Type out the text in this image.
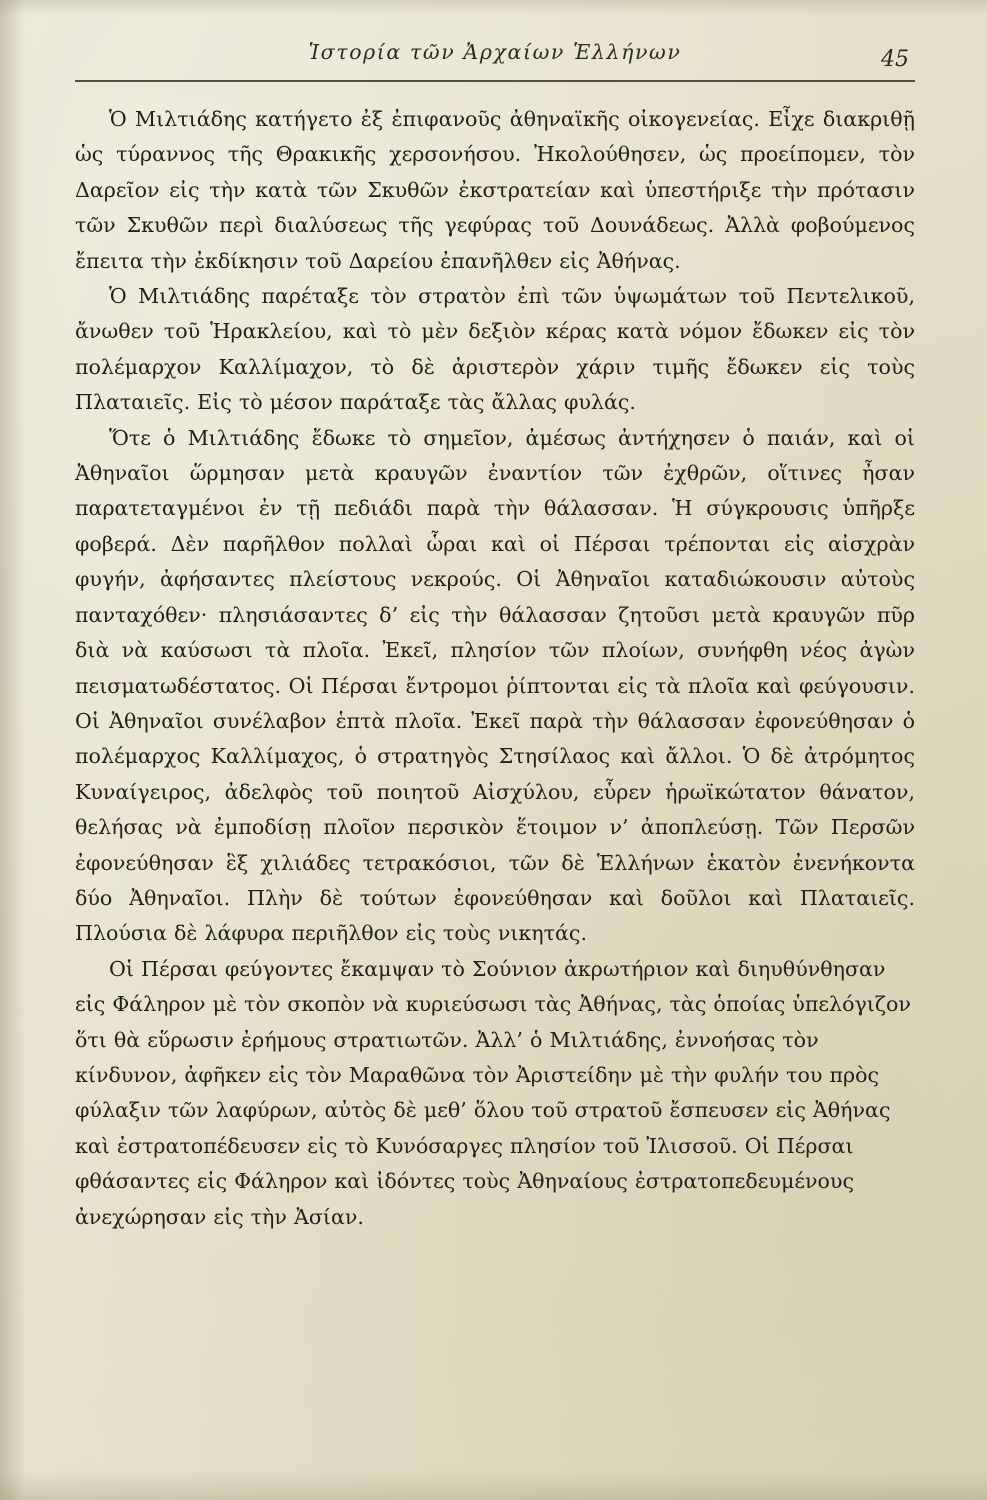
Ἱστορία τῶν Ἀρχαίων Ἑλλήνων	45

Ὁ Μιλτιάδης κατήγετο ἐξ ἐπιφανοῦς ἀθηναϊκῆς οἰκογενείας. Εἶχε διακριθῇ ὡς τύραννος τῆς Θρακικῆς χερσονήσου. Ἠκολούθησεν, ὡς προείπομεν, τὸν Δαρεῖον εἰς τὴν κατὰ τῶν Σκυθῶν ἐκστρατείαν καὶ ὑπεστήριξε τὴν πρότασιν τῶν Σκυθῶν περὶ διαλύσεως τῆς γεφύρας τοῦ Δουνάδεως. Ἀλλὰ φοβούμενος ἔπειτα τὴν ἐκδίκησιν τοῦ Δαρείου ἐπανῆλθεν εἰς Ἀθήνας.

Ὁ Μιλτιάδης παρέταξε τὸν στρατὸν ἐπὶ τῶν ὑψωμάτων τοῦ Πεντελικοῦ, ἄνωθεν τοῦ Ἡρακλείου, καὶ τὸ μὲν δεξιὸν κέρας κατὰ νόμον ἔδωκεν εἰς τὸν πολέμαρχον Καλλίμαχον, τὸ δὲ ἀριστερὸν χάριν τιμῆς ἔδωκεν εἰς τοὺς Πλαταιεῖς. Εἰς τὸ μέσον παράταξε τὰς ἄλλας φυλάς.

Ὅτε ὁ Μιλτιάδης ἔδωκε τὸ σημεῖον, ἀμέσως ἀντήχησεν ὁ παιάν, καὶ οἱ Ἀθηναῖοι ὥρμησαν μετὰ κραυγῶν ἐναντίον τῶν ἐχθρῶν, οἵτινες ἦσαν παρατεταγμένοι ἐν τῇ πεδιάδι παρὰ τὴν θάλασσαν. Ἡ σύγκρουσις ὑπῆρξε φοβερά. Δὲν παρῆλθον πολλαὶ ὧραι καὶ οἱ Πέρσαι τρέπονται εἰς αἰσχρὰν φυγήν, ἀφήσαντες πλείστους νεκρούς. Οἱ Ἀθηναῖοι καταδιώκουσιν αὐτοὺς πανταχόθεν· πλησιάσαντες δ’ εἰς τὴν θάλασσαν ζητοῦσι μετὰ κραυγῶν πῦρ διὰ νὰ καύσωσι τὰ πλοῖα. Ἐκεῖ, πλησίον τῶν πλοίων, συνήφθη νέος ἀγὼν πεισματωδέστατος. Οἱ Πέρσαι ἔντρομοι ῥίπτονται εἰς τὰ πλοῖα καὶ φεύγουσιν. Οἱ Ἀθηναῖοι συνέλαβον ἑπτὰ πλοῖα. Ἐκεῖ παρὰ τὴν θάλασσαν ἐφονεύθησαν ὁ πολέμαρχος Καλλίμαχος, ὁ στρατηγὸς Στησίλαος καὶ ἄλλοι. Ὁ δὲ ἀτρόμητος Κυναίγειρος, ἀδελφὸς τοῦ ποιητοῦ Αἰσχύλου, εὗρεν ἡρωϊκώτατον θάνατον, θελήσας νὰ ἐμποδίσῃ πλοῖον περσικὸν ἕτοιμον ν’ ἀποπλεύσῃ. Τῶν Περσῶν ἐφονεύθησαν ἓξ χιλιάδες τετρακόσιοι, τῶν δὲ Ἑλλήνων ἑκατὸν ἐνενήκοντα δύο Ἀθηναῖοι. Πλὴν δὲ τούτων ἐφονεύθησαν καὶ δοῦλοι καὶ Πλαταιεῖς. Πλούσια δὲ λάφυρα περιῆλθον εἰς τοὺς νικητάς.

Οἱ Πέρσαι φεύγοντες ἔκαμψαν τὸ Σούνιον ἀκρωτήριον καὶ διηυθύνθησαν εἰς Φάληρον μὲ τὸν σκοπὸν νὰ κυριεύσωσι τὰς Ἀθήνας, τὰς ὁποίας ὑπελόγιζον ὅτι θὰ εὕρωσιν ἐρήμους στρατιωτῶν. Ἀλλ’ ὁ Μιλτιάδης, ἐννοήσας τὸν κίνδυνον, ἀφῆκεν εἰς τὸν Μαραθῶνα τὸν Ἀριστείδην μὲ τὴν φυλήν του πρὸς φύλαξιν τῶν λαφύρων, αὐτὸς δὲ μεθ’ ὅλου τοῦ στρατοῦ ἔσπευσεν εἰς Ἀθήνας καὶ ἐστρατοπέδευσεν εἰς τὸ Κυνόσαργες πλησίον τοῦ Ἰλισσοῦ. Οἱ Πέρσαι φθάσαντες εἰς Φάληρον καὶ ἰδόντες τοὺς Ἀθηναίους ἐστρατοπεδευμένους ἀνεχώρησαν εἰς τὴν Ἀσίαν.
